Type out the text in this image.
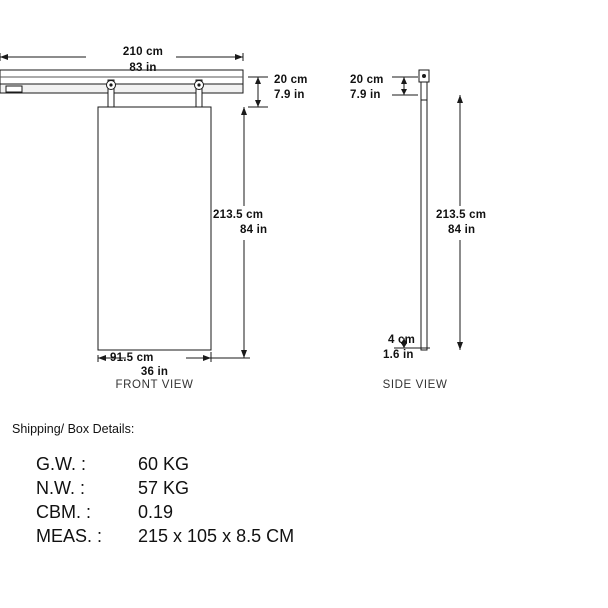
210 cm
83 in
20 cm
7.9 in
213.5 cm
84 in
91.5 cm
36 in
FRONT VIEW
20 cm
7.9 in
213.5 cm
84 in
4 cm
1.6 in
SIDE VIEW
Shipping/ Box Details:
G.W. :	60 KG
N.W. :	57 KG
CBM. :	0.19
MEAS. :	215 x 105 x 8.5 CM
